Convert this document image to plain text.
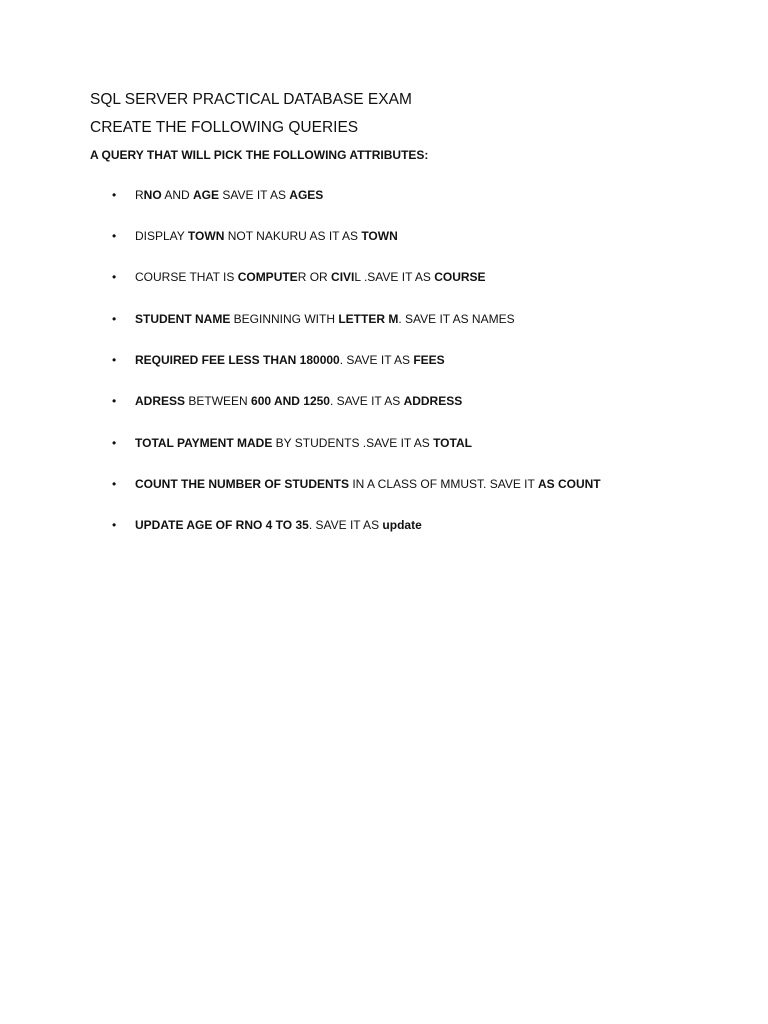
SQL SERVER PRACTICAL DATABASE EXAM
CREATE THE FOLLOWING QUERIES

A QUERY THAT WILL PICK THE FOLLOWING ATTRIBUTES:

• RNO AND AGE SAVE IT AS AGES
• DISPLAY TOWN NOT NAKURU AS IT AS TOWN
• COURSE THAT IS COMPUTER OR CIVIL .SAVE IT AS COURSE
• STUDENT NAME BEGINNING WITH LETTER M. SAVE IT AS NAMES
• REQUIRED FEE LESS THAN 180000. SAVE IT AS FEES
• ADRESS BETWEEN 600 AND 1250. SAVE IT AS ADDRESS
• TOTAL PAYMENT MADE BY STUDENTS .SAVE IT AS TOTAL
• COUNT THE NUMBER OF STUDENTS IN A CLASS OF MMUST. SAVE IT AS COUNT
• UPDATE AGE OF RNO 4 TO 35. SAVE IT AS update
